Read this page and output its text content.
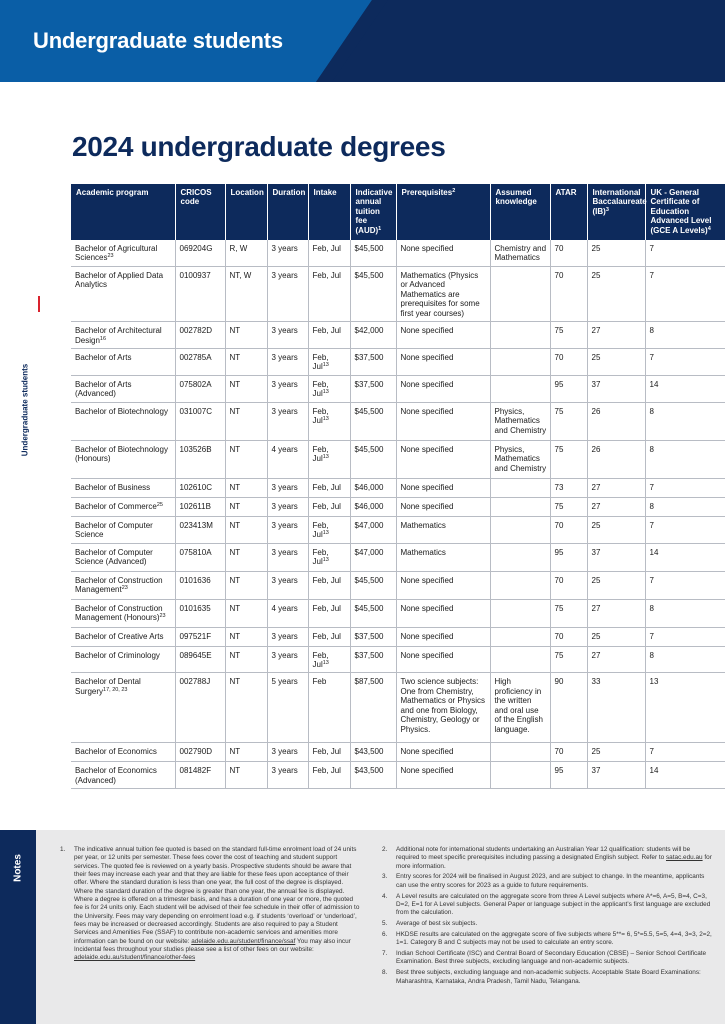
Undergraduate students
Undergraduate students
2024 undergraduate degrees
Academic program	CRICOS code	Location	Duration	Intake	Indicative annual tuition fee (AUD)$^1$	Prerequisites$^2$	Assumed knowledge	ATAR	International Baccalaureate (IB)$^3$	UK - General Certificate of Education Advanced Level (GCE A Levels)$^4$
Bachelor of Agricultural Sciences$^{23}$	069204G	R, W	3 years	Feb, Jul	$45,500	None specified	Chemistry and Mathematics	70	25	7
Bachelor of Applied Data Analytics	0100937	NT, W	3 years	Feb, Jul	$45,500	Mathematics (Physics or Advanced Mathematics are prerequisites for some first year courses)		70	25	7
Bachelor of Architectural Design$^{16}$	002782D	NT	3 years	Feb, Jul	$42,000	None specified		75	27	8
Bachelor of Arts	002785A	NT	3 years	Feb, Jul$^{13}$	$37,500	None specified		70	25	7
Bachelor of Arts (Advanced)	075802A	NT	3 years	Feb, Jul$^{13}$	$37,500	None specified		95	37	14
Bachelor of Biotechnology	031007C	NT	3 years	Feb, Jul$^{13}$	$45,500	None specified	Physics, Mathematics and Chemistry	75	26	8
Bachelor of Biotechnology (Honours)	103526B	NT	4 years	Feb, Jul$^{13}$	$45,500	None specified	Physics, Mathematics and Chemistry	75	26	8
Bachelor of Business	102610C	NT	3 years	Feb, Jul	$46,000	None specified		73	27	7
Bachelor of Commerce$^{25}$	102611B	NT	3 years	Feb, Jul	$46,000	None specified		75	27	8
Bachelor of Computer Science	023413M	NT	3 years	Feb, Jul$^{13}$	$47,000	Mathematics		70	25	7
Bachelor of Computer Science (Advanced)	075810A	NT	3 years	Feb, Jul$^{13}$	$47,000	Mathematics		95	37	14
Bachelor of Construction Management$^{23}$	0101636	NT	3 years	Feb, Jul	$45,500	None specified		70	25	7
Bachelor of Construction Management (Honours)$^{23}$	0101635	NT	4 years	Feb, Jul	$45,500	None specified		75	27	8
Bachelor of Creative Arts	097521F	NT	3 years	Feb, Jul	$37,500	None specified		70	25	7
Bachelor of Criminology	089645E	NT	3 years	Feb, Jul$^{13}$	$37,500	None specified		75	27	8
Bachelor of Dental Surgery$^{17, 20, 23}$	002788J	NT	5 years	Feb	$87,500	Two science subjects: One from Chemistry, Mathematics or Physics and one from Biology, Chemistry, Geology or Physics.	High proficiency in the written and oral use of the English language.	90	33	13
Bachelor of Economics	002790D	NT	3 years	Feb, Jul	$43,500	None specified		70	25	7
Bachelor of Economics (Advanced)	081482F	NT	3 years	Feb, Jul	$43,500	None specified		95	37	14
Notes
1.	The indicative annual tuition fee quoted is based on the standard full-time enrolment load of 24 units per year, or 12 units per semester. These fees cover the cost of teaching and student support services. The quoted fee is reviewed on a yearly basis. Prospective students should be aware that their fees may increase each year and that they are liable for these fees upon acceptance of their offer. Where the standard duration is less than one year, the full cost of the degree is displayed. Where the standard duration of the degree is greater than one year, the annual fee is displayed. Where a degree is offered on a trimester basis, and has a duration of one year or more, the quoted fee is for 24 units only. Each student will be advised of their fee schedule in their offer of admission to the University. Fees may vary depending on enrolment load e.g. if students ‘overload’ or ‘underload’, fees may be increased or decreased accordingly. Students are also required to pay a Student Services and Amenities Fee (SSAF) to contribute non-academic services and amenities more information can be found on our website: adelaide.edu.au/student/finance/ssaf You may also incur Incidental fees throughout your studies please see a list of other fees on our website: adelaide.edu.au/student/finance/other-fees
2.	Additional note for international students undertaking an Australian Year 12 qualification: students will be required to meet specific prerequisites including passing a designated English subject. Refer to satac.edu.au for more information.
3.	Entry scores for 2024 will be finalised in August 2023, and are subject to change. In the meantime, applicants can use the entry scores for 2023 as a guide to future requirements.
4.	A Level results are calculated on the aggregate score from three A Level subjects where A*=6, A=5, B=4, C=3, D=2, E=1 for A Level subjects. General Paper or language subject in the applicant’s first language are excluded from the calculation.
5.	Average of best six subjects.
6.	HKDSE results are calculated on the aggregate score of five subjects where 5**= 6, 5*=5.5, 5=5, 4=4, 3=3, 2=2, 1=1. Category B and C subjects may not be used to calculate an entry score.
7.	Indian School Certificate (ISC) and Central Board of Secondary Education (CBSE) – Senior School Certificate Examination. Best three subjects, excluding language and non-academic subjects.
8.	Best three subjects, excluding language and non-academic subjects. Acceptable State Board Examinations: Maharashtra, Karnataka, Andra Pradesh, Tamil Nadu, Telangana.
